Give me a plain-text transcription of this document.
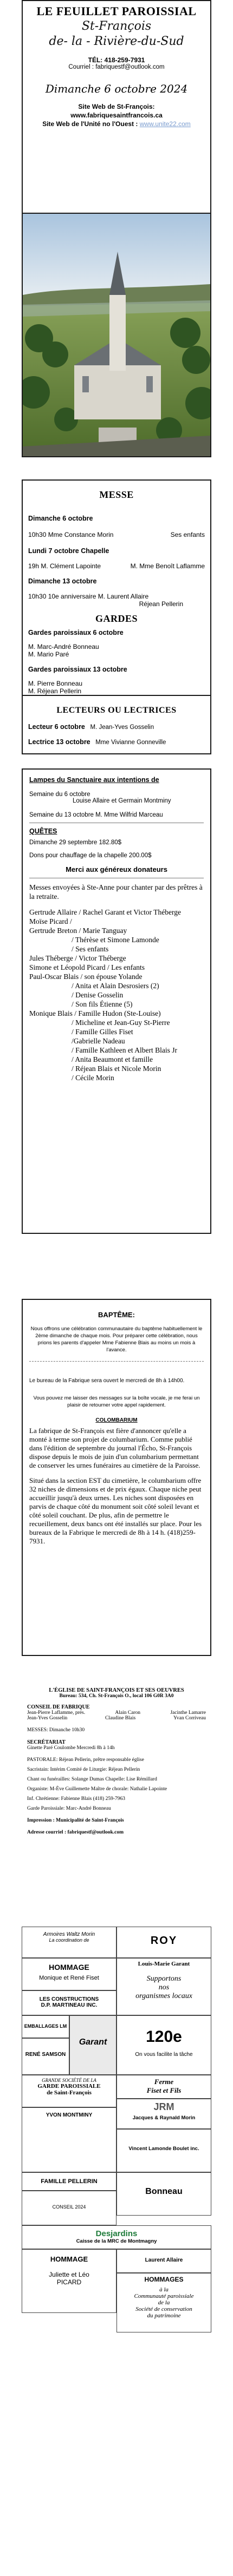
LE FEUILLET PAROISSIAL
St-François
de- la - Rivière-du-Sud
TÉL: 418-259-7931
Courriel : fabriquestf@outlook.com
Dimanche 6 octobre 2024
Site Web de St-François:
www.fabriquesaintfrancois.ca
Site Web de l'Unité no l'Ouest : www.unite22.com
MESSE
Dimanche 6 octobre
10h30 Mme Constance Morin	Ses enfants
Lundi 7 octobre Chapelle
19h M. Clément Lapointe	M. Mme Benoît Laflamme
Dimanche 13 octobre
10h30 10e anniversaire M. Laurent Allaire
Réjean Pellerin
GARDES
Gardes paroissiaux 6 octobre
M. Marc-André Bonneau
M. Mario Paré
Gardes paroissiaux 13 octobre
M. Pierre Bonneau
M. Réjean Pellerin
LECTEURS OU LECTRICES
Lecteur 6 octobre M. Jean-Yves Gosselin
Lectrice 13 octobre Mme Vivianne Gonneville
Lampes du Sanctuaire aux intentions de
Semaine du 6 octobre
Louise Allaire et Germain Montminy
Semaine du 13 octobre M. Mme Wilfrid Marceau
QUÊTES
Dimanche 29 septembre 182.80$
Dons pour chauffage de la chapelle 200.00$
Merci aux généreux donateurs
Messes envoyées à Ste-Anne pour chanter par des prêtres à la retraite.
Gertrude Allaire / Rachel Garant et Victor Théberge
Moïse Picard /
Gertrude Breton / Marie Tanguay
/ Thérèse et Simone Lamonde
/ Ses enfants
Jules Théberge / Victor Théberge
Simone et Léopold Picard / Les enfants
Paul-Oscar Blais / son épouse Yolande
/ Anita et Alain Desrosiers (2)
/ Denise Gosselin
/ Son fils Étienne (5)
Monique Blais / Famille Hudon (Ste-Louise)
/ Micheline et Jean-Guy St-Pierre
/ Famille Gilles Fiset
/Gabrielle Nadeau
/ Famille Kathleen et Albert Blais Jr
/ Anita Beaumont et famille
/ Réjean Blais et Nicole Morin
/ Cécile Morin
BAPTÊME:
Nous offrons une célébration communautaire du baptême habituellement le 2ème dimanche de chaque mois. Pour préparer cette célébration, nous prions les parents d'appeler Mme Fabienne Blais au moins un mois à l'avance.
Le bureau de la Fabrique sera ouvert le mercredi de 8h à 14h00.
Vous pouvez me laisser des messages sur la boîte vocale, je me ferai un plaisir de retourner votre appel rapidement.
COLOMBARIUM
La fabrique de St-François est fière d'annoncer qu'elle a monté à terme son projet de columbarium. Comme publié dans l'édition de septembre du journal l'Écho, St-François dispose depuis le mois de juin d'un columbarium permettant de conserver les urnes funéraires au cimetière de la Paroisse.
Situé dans la section EST du cimetière, le columbarium offre 32 niches de dimensions et de prix égaux. Chaque niche peut accueillir jusqu'à deux urnes. Les niches sont disposées en parvis de chaque côté du monument soit côté soleil levant et côté soleil couchant. De plus, afin de permettre le recueillement, deux bancs ont été installés sur place. Pour les bureaux de la Fabrique le mercredi de 8h à 14 h. (418)259-7931.
L'ÉGLISE DE SAINT-FRANÇOIS ET SES OEUVRES
Bureau: 534, Ch. St-François O., local 106 G0R 3A0
CONSEIL DE FABRIQUE
Jean-Pierre Laflamme, prés.	Alain Caron	Jacinthe Lamarre
Jean-Yves Gosselin	Claudine Blais	Yvan Corriveau
MESSES: Dimanche 10h30
SECRÉTARIAT
Ginette Paré Coulombe Mercredi 8h à 14h
PASTORALE: Réjean Pellerin, prêtre responsable église
Sacristain: Intérim Comité de Liturgie: Réjean Pellerin
Chant ou funérailles: Solange Dumas Chapelle: Lise Rémillard
Organiste: M-Ève Guillemette Maître de chorale: Nathalie Lapointe
Inf. Chrétienne: Fabienne Blais (418) 259-7963
Garde Paroissiale: Marc-André Bonneau
Impression : Municipalité de Saint-François
Adresse courriel : fabriquestf@outlook.com
Armoires Waltz Morin
La coordination de	ROY
HOMMAGE
Monique et René Fiset
Louis-Marie Garant
Supportons
nos
organismes locaux
LES CONSTRUCTIONS
D.P. MARTINEAU INC.
EMBALLAGES LM
Garant	120e
On vous facilite la tâche
RENÉ SAMSON
GRANDE SOCIÉTÉ DE LA
GARDE PAROISSIALE
de Saint-François
Ferme
Fiset et Fils
JRM
Jacques & Raynald Morin
YVON MONTMINY
Vincent Lamonde Boulet inc.
FAMILLE PELLERIN
Bonneau
CONSEIL 2024
Desjardins
Caisse de la MRC de Montmagny
HOMMAGE
Juliette et Léo
PICARD
Laurent Allaire
HOMMAGES
à la
Communauté paroissiale
de la
Société de conservation
du patrimoine
